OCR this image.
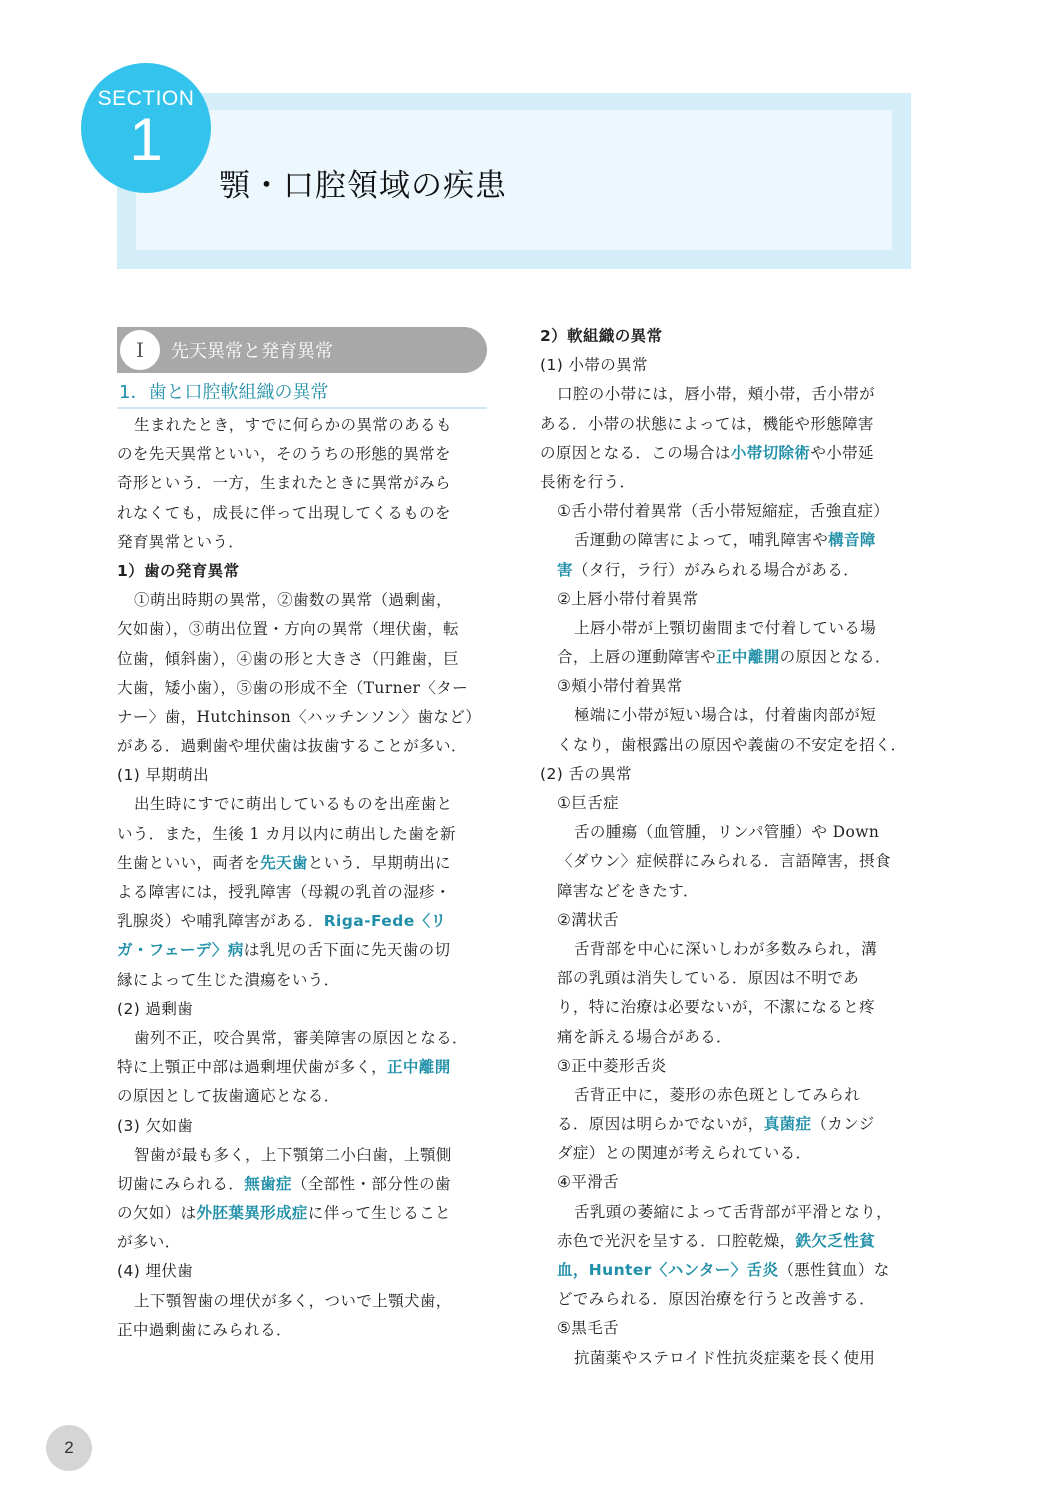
SECTION
1
顎・口腔領域の疾患
Ⅰ	先天異常と発育異常
1．歯と口腔軟組織の異常
生まれたとき，すでに何らかの異常のあるも
のを先天異常といい，そのうちの形態的異常を
奇形という．一方，生まれたときに異常がみら
れなくても，成長に伴って出現してくるものを
発育異常という．
1）歯の発育異常
①萌出時期の異常，②歯数の異常（過剰歯，
欠如歯），③萌出位置・方向の異常（埋伏歯，転
位歯，傾斜歯），④歯の形と大きさ（円錐歯，巨
大歯，矮小歯），⑤歯の形成不全（Turner〈ター
ナー〉歯，Hutchinson〈ハッチンソン〉歯など）
がある．過剰歯や埋伏歯は抜歯することが多い．
(1) 早期萌出
出生時にすでに萌出しているものを出産歯と
いう．また，生後 1 カ月以内に萌出した歯を新
生歯といい，両者を先天歯という．早期萌出に
よる障害には，授乳障害（母親の乳首の湿疹・
乳腺炎）や哺乳障害がある．Riga-Fede〈リ
ガ・フェーデ〉病は乳児の舌下面に先天歯の切
縁によって生じた潰瘍をいう．
(2) 過剰歯
歯列不正，咬合異常，審美障害の原因となる．
特に上顎正中部は過剰埋伏歯が多く，正中離開
の原因として抜歯適応となる．
(3) 欠如歯
智歯が最も多く，上下顎第二小臼歯，上顎側
切歯にみられる．無歯症（全部性・部分性の歯
の欠如）は外胚葉異形成症に伴って生じること
が多い．
(4) 埋伏歯
上下顎智歯の埋伏が多く，ついで上顎犬歯，
正中過剰歯にみられる．
2）軟組織の異常
(1) 小帯の異常
口腔の小帯には，唇小帯，頰小帯，舌小帯が
ある．小帯の状態によっては，機能や形態障害
の原因となる．この場合は小帯切除術や小帯延
長術を行う．
①舌小帯付着異常（舌小帯短縮症，舌強直症）
舌運動の障害によって，哺乳障害や構音障
害（タ行，ラ行）がみられる場合がある．
②上唇小帯付着異常
上唇小帯が上顎切歯間まで付着している場
合，上唇の運動障害や正中離開の原因となる．
③頰小帯付着異常
極端に小帯が短い場合は，付着歯肉部が短
くなり，歯根露出の原因や義歯の不安定を招く．
(2) 舌の異常
①巨舌症
舌の腫瘍（血管腫，リンパ管腫）や Down
〈ダウン〉症候群にみられる．言語障害，摂食
障害などをきたす．
②溝状舌
舌背部を中心に深いしわが多数みられ，溝
部の乳頭は消失している．原因は不明であ
り，特に治療は必要ないが，不潔になると疼
痛を訴える場合がある．
③正中菱形舌炎
舌背正中に，菱形の赤色斑としてみられ
る．原因は明らかでないが，真菌症（カンジ
ダ症）との関連が考えられている．
④平滑舌
舌乳頭の萎縮によって舌背部が平滑となり，
赤色で光沢を呈する．口腔乾燥，鉄欠乏性貧
血，Hunter〈ハンター〉舌炎（悪性貧血）な
どでみられる．原因治療を行うと改善する．
⑤黒毛舌
抗菌薬やステロイド性抗炎症薬を長く使用
2
